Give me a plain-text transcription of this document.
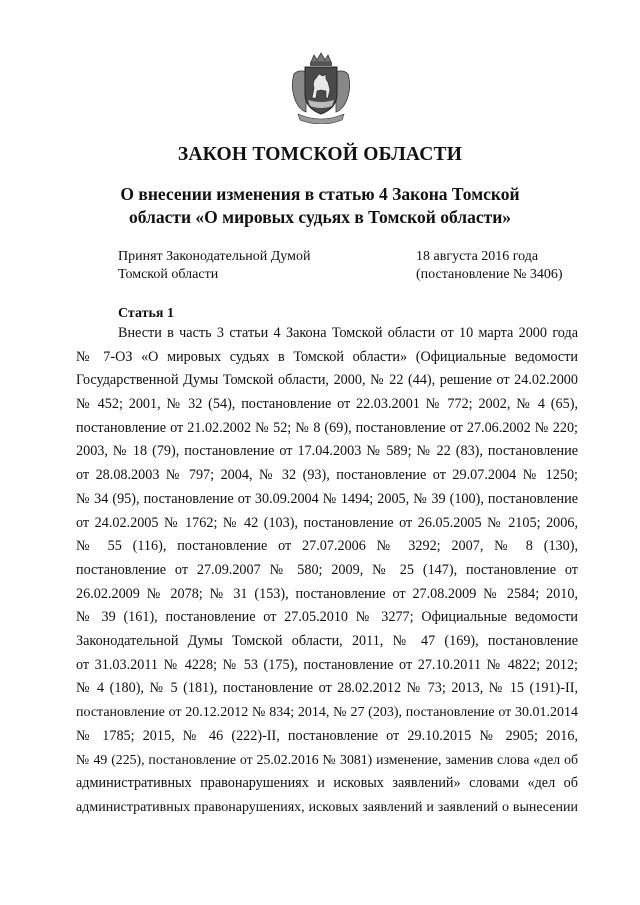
ЗАКОН ТОМСКОЙ ОБЛАСТИ
О внесении изменения в статью 4 Закона Томской
области «О мировых судьях в Томской области»
Принят Законодательной Думой
Томской области
18 августа 2016 года
(постановление № 3406)
Статья 1
Внести в часть 3 статьи 4 Закона Томской области от 10 марта 2000 года
№ 7-ОЗ «О мировых судьях в Томской области» (Официальные ведомости
Государственной Думы Томской области, 2000, № 22 (44), решение от 24.02.2000
№ 452; 2001, № 32 (54), постановление от 22.03.2001 № 772; 2002, № 4 (65),
постановление от 21.02.2002 № 52; № 8 (69), постановление от 27.06.2002 № 220;
2003, № 18 (79), постановление от 17.04.2003 № 589; № 22 (83), постановление
от 28.08.2003 № 797; 2004, № 32 (93), постановление от 29.07.2004 № 1250;
№ 34 (95), постановление от 30.09.2004 № 1494; 2005, № 39 (100), постановление
от 24.02.2005 № 1762; № 42 (103), постановление от 26.05.2005 № 2105; 2006,
№ 55 (116), постановление от 27.07.2006 № 3292; 2007, № 8 (130),
постановление от 27.09.2007 № 580; 2009, № 25 (147), постановление от
26.02.2009 № 2078; № 31 (153), постановление от 27.08.2009 № 2584; 2010,
№ 39 (161), постановление от 27.05.2010 № 3277; Официальные ведомости
Законодательной Думы Томской области, 2011, № 47 (169), постановление
от 31.03.2011 № 4228; № 53 (175), постановление от 27.10.2011 № 4822; 2012;
№ 4 (180), № 5 (181), постановление от 28.02.2012 № 73; 2013, № 15 (191)-II,
постановление от 20.12.2012 № 834; 2014, № 27 (203), постановление от 30.01.2014
№ 1785; 2015, № 46 (222)-II, постановление от 29.10.2015 № 2905; 2016,
№ 49 (225), постановление от 25.02.2016 № 3081) изменение, заменив слова «дел об
административных правонарушениях и исковых заявлений» словами «дел об
административных правонарушениях, исковых заявлений и заявлений о вынесении
